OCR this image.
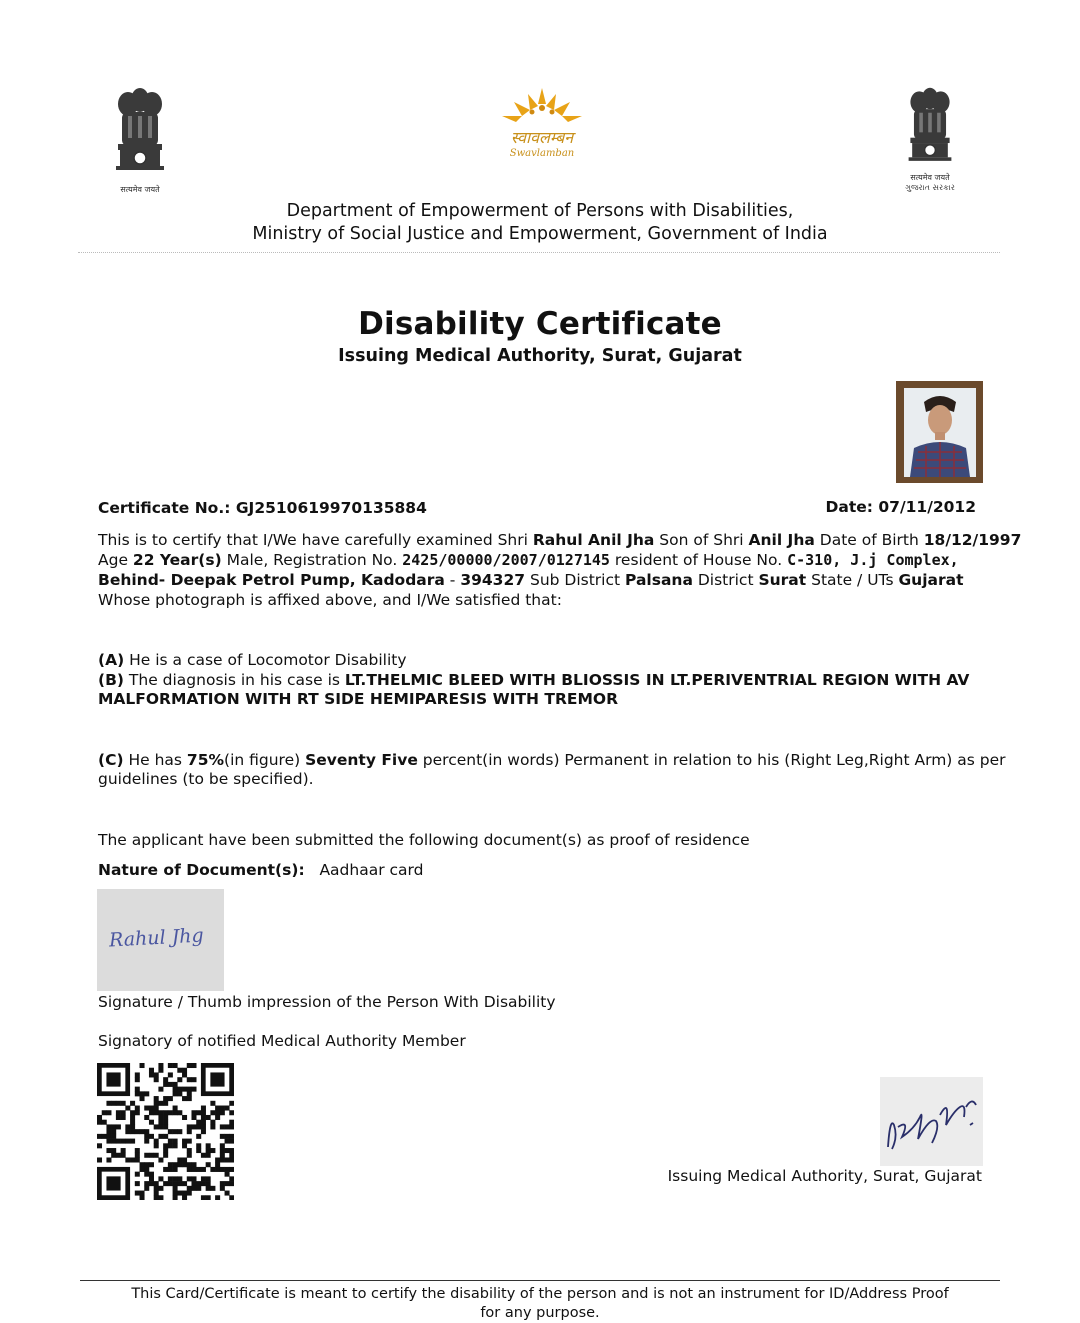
सत्यमेव जयते
स्वावलम्बन
Swavlamban
सत्यमेव जयते
ગુજરાત સરકાર
Department of Empowerment of Persons with Disabilities,
Ministry of Social Justice and Empowerment, Government of India
Disability Certificate
Issuing Medical Authority, Surat, Gujarat
Certificate No.: GJ2510619970135884	Date: 07/11/2012
This is to certify that I/We have carefully examined Shri Rahul Anil Jha Son of Shri Anil Jha Date of Birth 18/12/1997
Age 22 Year(s) Male, Registration No. 2425/00000/2007/0127145 resident of House No. C-310, J.j Complex,
Behind- Deepak Petrol Pump, Kadodara - 394327 Sub District Palsana District Surat State / UTs Gujarat
Whose photograph is affixed above, and I/We satisfied that:
(A) He is a case of Locomotor Disability
(B) The diagnosis in his case is LT.THELMIC BLEED WITH BLIOSSIS IN LT.PERIVENTRIAL REGION WITH AV
MALFORMATION WITH RT SIDE HEMIPARESIS WITH TREMOR
(C) He has 75%(in figure) Seventy Five percent(in words) Permanent in relation to his (Right Leg,Right Arm) as per
guidelines (to be specified).
The applicant have been submitted the following document(s) as proof of residence
Nature of Document(s): Aadhaar card
Rahul Jhg
Signature / Thumb impression of the Person With Disability
Signatory of notified Medical Authority Member
Issuing Medical Authority, Surat, Gujarat
This Card/Certificate is meant to certify the disability of the person and is not an instrument for ID/Address Proof for any purpose.
